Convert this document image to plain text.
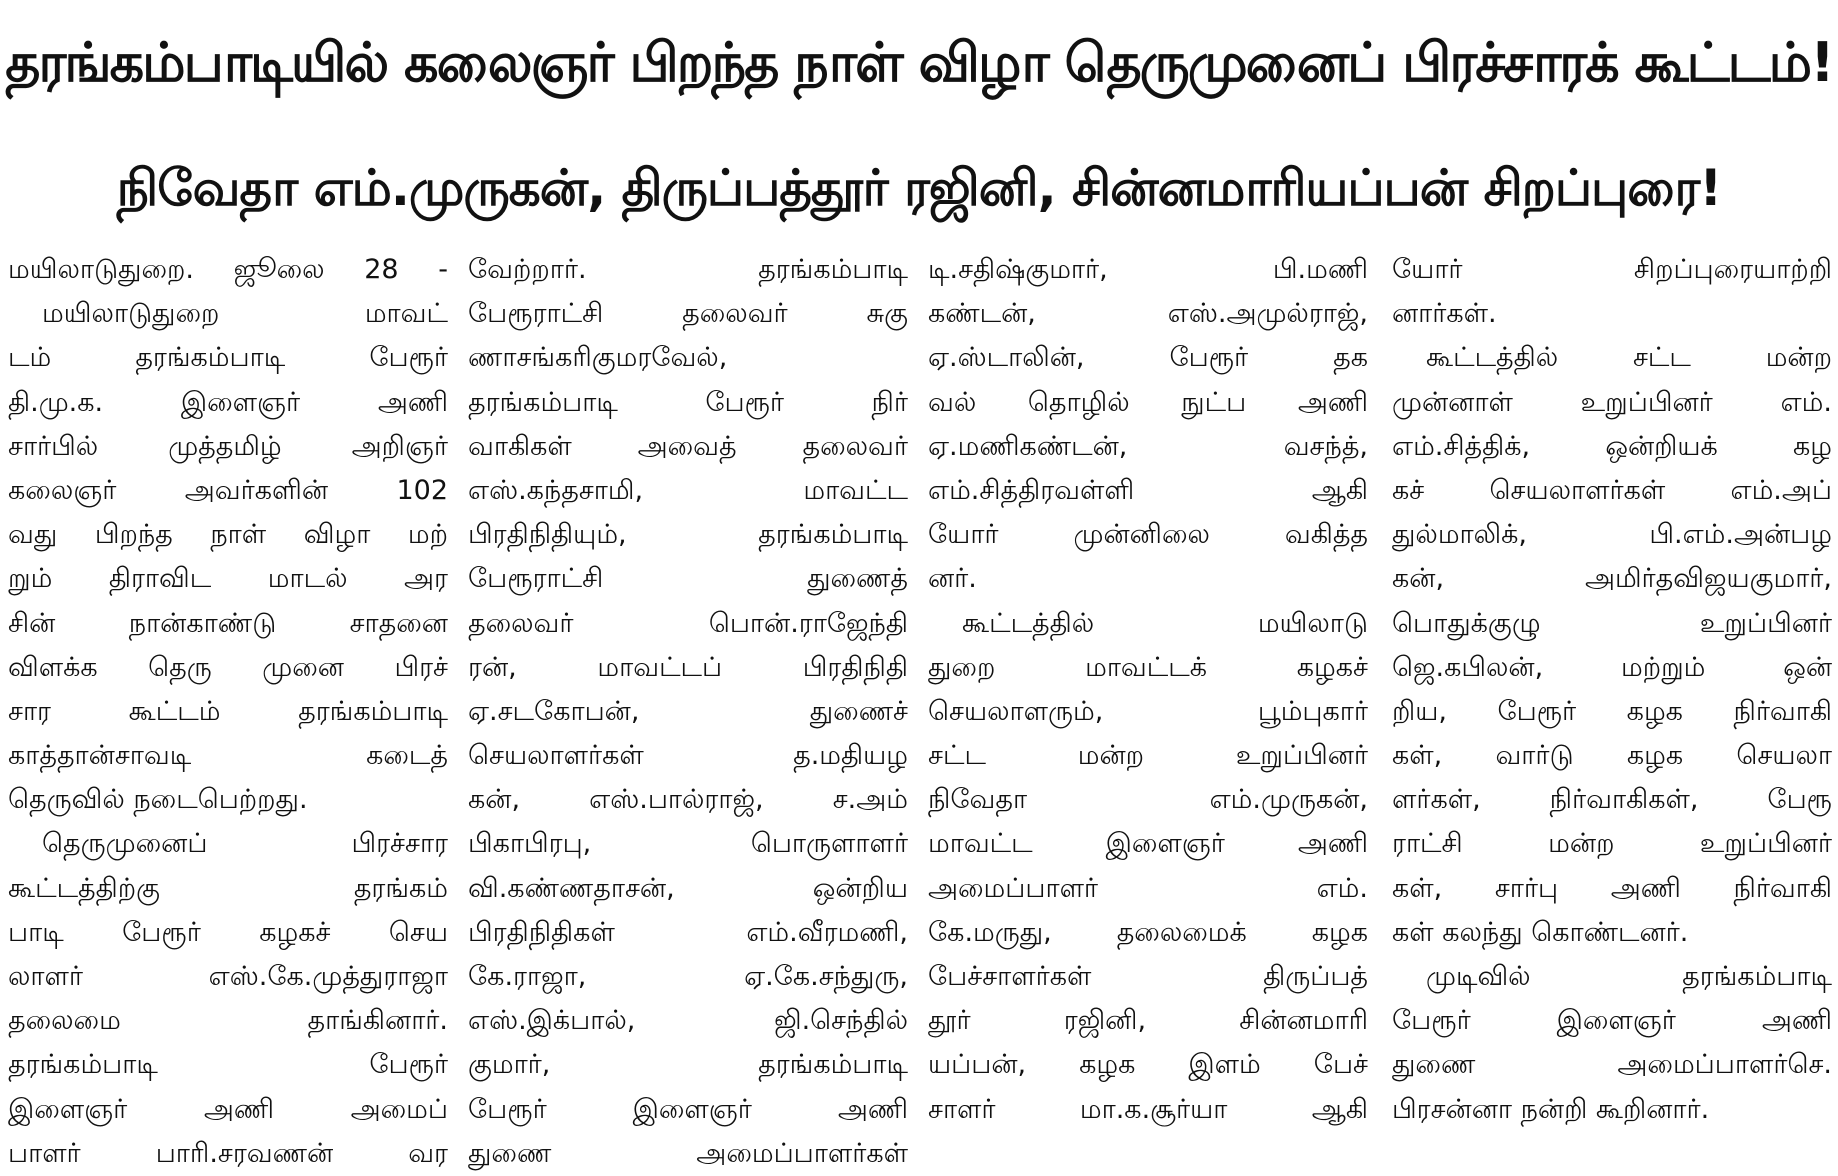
தரங்கம்பாடியில் கலைஞர் பிறந்த நாள் விழா தெருமுனைப் பிரச்சாரக் கூட்டம்!
நிவேதா எம்.முருகன், திருப்பத்தூர் ரஜினி, சின்னமாரியப்பன் சிறப்புரை!
மயிலாடுதுறை. ஜூலை 28 -
மயிலாடுதுறை மாவட்
டம் தரங்கம்பாடி பேரூர்
தி.மு.க. இளைஞர் அணி
சார்பில் முத்தமிழ் அறிஞர்
கலைஞர் அவர்களின் 102
வது பிறந்த நாள் விழா மற்
றும் திராவிட மாடல் அர
சின் நான்காண்டு சாதனை
விளக்க தெரு முனை பிரச்
சார கூட்டம் தரங்கம்பாடி
காத்தான்சாவடி கடைத்
தெருவில் நடைபெற்றது.
தெருமுனைப் பிரச்சார
கூட்டத்திற்கு தரங்கம்
பாடி பேரூர் கழகச் செய
லாளர் எஸ்.கே.முத்துராஜா
தலைமை தாங்கினார்.
தரங்கம்பாடி பேரூர்
இளைஞர் அணி அமைப்
பாளர் பாரி.சரவணன் வர
வேற்றார். தரங்கம்பாடி
பேரூராட்சி தலைவர் சுகு
ணாசங்கரிகுமரவேல்,
தரங்கம்பாடி பேரூர் நிர்
வாகிகள் அவைத் தலைவர்
எஸ்.கந்தசாமி, மாவட்ட
பிரதிநிதியும், தரங்கம்பாடி
பேரூராட்சி துணைத்
தலைவர் பொன்.ராஜேந்தி
ரன், மாவட்டப் பிரதிநிதி
ஏ.சடகோபன், துணைச்
செயலாளர்கள் த.மதியழ
கன், எஸ்.பால்ராஜ், ச.அம்
பிகாபிரபு, பொருளாளர்
வி.கண்ணதாசன், ஒன்றிய
பிரதிநிதிகள் எம்.வீரமணி,
கே.ராஜா, ஏ.கே.சந்துரு,
எஸ்.இக்பால், ஜி.செந்தில்
குமார், தரங்கம்பாடி
பேரூர் இளைஞர் அணி
துணை அமைப்பாளர்கள்
டி.சதிஷ்குமார், பி.மணி
கண்டன், எஸ்.அமுல்ராஜ்,
ஏ.ஸ்டாலின், பேரூர் தக
வல் தொழில் நுட்ப அணி
ஏ.மணிகண்டன், வசந்த்,
எம்.சித்திரவள்ளி ஆகி
யோர் முன்னிலை வகித்த
னர்.
கூட்டத்தில் மயிலாடு
துறை மாவட்டக் கழகச்
செயலாளரும், பூம்புகார்
சட்ட மன்ற உறுப்பினர்
நிவேதா எம்.முருகன்,
மாவட்ட இளைஞர் அணி
அமைப்பாளர் எம்.
கே.மருது, தலைமைக் கழக
பேச்சாளர்கள் திருப்பத்
தூர் ரஜினி, சின்னமாரி
யப்பன், கழக இளம் பேச்
சாளர் மா.க.சூர்யா ஆகி
யோர் சிறப்புரையாற்றி
னார்கள்.
கூட்டத்தில் சட்ட மன்ற
முன்னாள் உறுப்பினர் எம்.
எம்.சித்திக், ஒன்றியக் கழ
கச் செயலாளர்கள் எம்.அப்
துல்மாலிக், பி.எம்.அன்பழ
கன், அமிர்தவிஜயகுமார்,
பொதுக்குழு உறுப்பினர்
ஜெ.கபிலன், மற்றும் ஒன்
றிய, பேரூர் கழக நிர்வாகி
கள், வார்டு கழக செயலா
ளர்கள், நிர்வாகிகள், பேரூ
ராட்சி மன்ற உறுப்பினர்
கள், சார்பு அணி நிர்வாகி
கள் கலந்து கொண்டனர்.
முடிவில் தரங்கம்பாடி
பேரூர் இளைஞர் அணி
துணை அமைப்பாளர்செ.
பிரசன்னா நன்றி கூறினார்.
